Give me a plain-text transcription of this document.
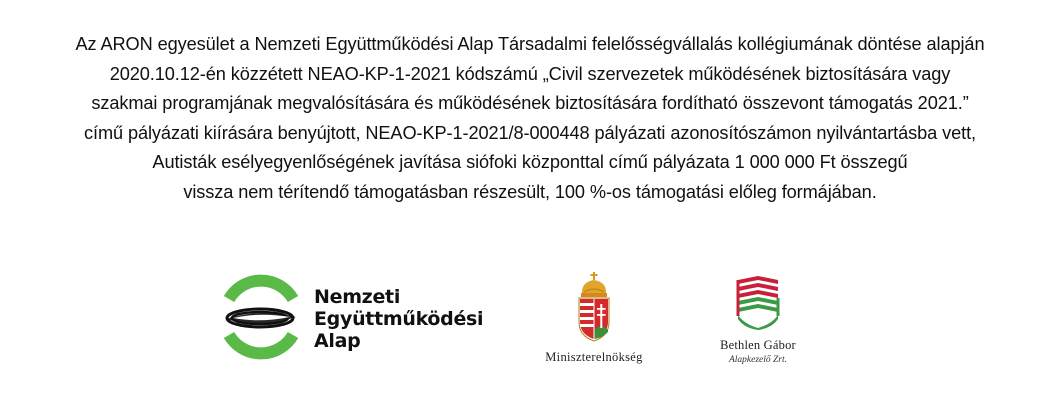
Az ARON egyesület a Nemzeti Együttműködési Alap Társadalmi felelősségvállalás kollégiumának döntése alapján
2020.10.12-én közzétett NEAO-KP-1-2021 kódszámú „Civil szervezetek működésének biztosítására vagy
szakmai programjának megvalósítására és működésének biztosítására fordítható összevont támogatás 2021.”
című pályázati kiírására benyújtott, NEAO-KP-1-2021/8-000448 pályázati azonosítószámon nyilvántartásba vett,
Autisták esélyegyenlőségének javítása siófoki központtal című pályázata 1 000 000 Ft összegű
vissza nem térítendő támogatásban részesült, 100 %-os támogatási előleg formájában.
Nemzeti
Együttműködési
Alap
Miniszterelnökség
Bethlen Gábor
Alapkezelő Zrt.
